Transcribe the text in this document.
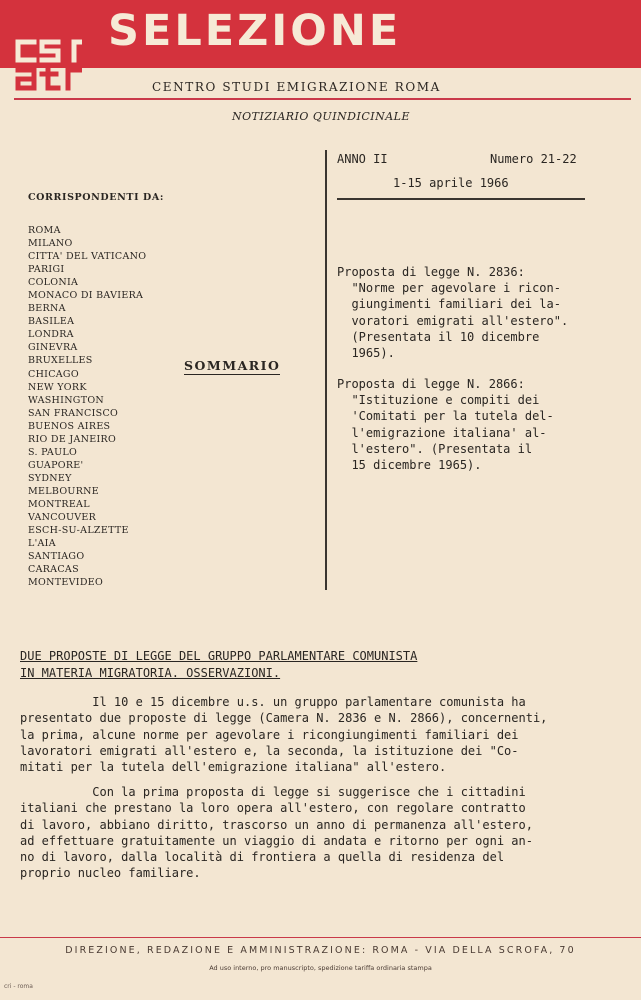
SELEZIONE
CENTRO STUDI EMIGRAZIONE ROMA
NOTIZIARIO QUINDICINALE
ANNO II	Numero 21-22
1-15 aprile 1966
CORRISPONDENTI DA:
ROMA
MILANO
CITTA' DEL VATICANO
PARIGI
COLONIA
MONACO DI BAVIERA
BERNA
BASILEA
LONDRA
GINEVRA
BRUXELLES
CHICAGO
NEW YORK
WASHINGTON
SAN FRANCISCO
BUENOS AIRES
RIO DE JANEIRO
S. PAULO
GUAPORE'
SYDNEY
MELBOURNE
MONTREAL
VANCOUVER
ESCH-SU-ALZETTE
L'AIA
SANTIAGO
CARACAS
MONTEVIDEO
SOMMARIO
Proposta di legge N. 2836:
"Norme per agevolare i ricon-
giungimenti familiari dei la-
voratori emigrati all'estero".
(Presentata il 10 dicembre
1965).
Proposta di legge N. 2866:
"Istituzione e compiti dei
'Comitati per la tutela del-
l'emigrazione italiana' al-
l'estero". (Presentata il
15 dicembre 1965).
DUE PROPOSTE DI LEGGE DEL GRUPPO PARLAMENTARE COMUNISTA
IN MATERIA MIGRATORIA. OSSERVAZIONI.
Il 10 e 15 dicembre u.s. un gruppo parlamentare comunista ha
presentato due proposte di legge (Camera N. 2836 e N. 2866), concernenti,
la prima, alcune norme per agevolare i ricongiungimenti familiari dei
lavoratori emigrati all'estero e, la seconda, la istituzione dei "Co-
mitati per la tutela dell'emigrazione italiana" all'estero.
Con la prima proposta di legge si suggerisce che i cittadini
italiani che prestano la loro opera all'estero, con regolare contratto
di lavoro, abbiano diritto, trascorso un anno di permanenza all'estero,
ad effettuare gratuitamente un viaggio di andata e ritorno per ogni an-
no di lavoro, dalla località di frontiera a quella di residenza del
proprio nucleo familiare.
DIREZIONE, REDAZIONE E AMMINISTRAZIONE: ROMA - VIA DELLA SCROFA, 70
Ad uso interno, pro manuscripto, spedizione tariffa ordinaria stampa
cri - roma
